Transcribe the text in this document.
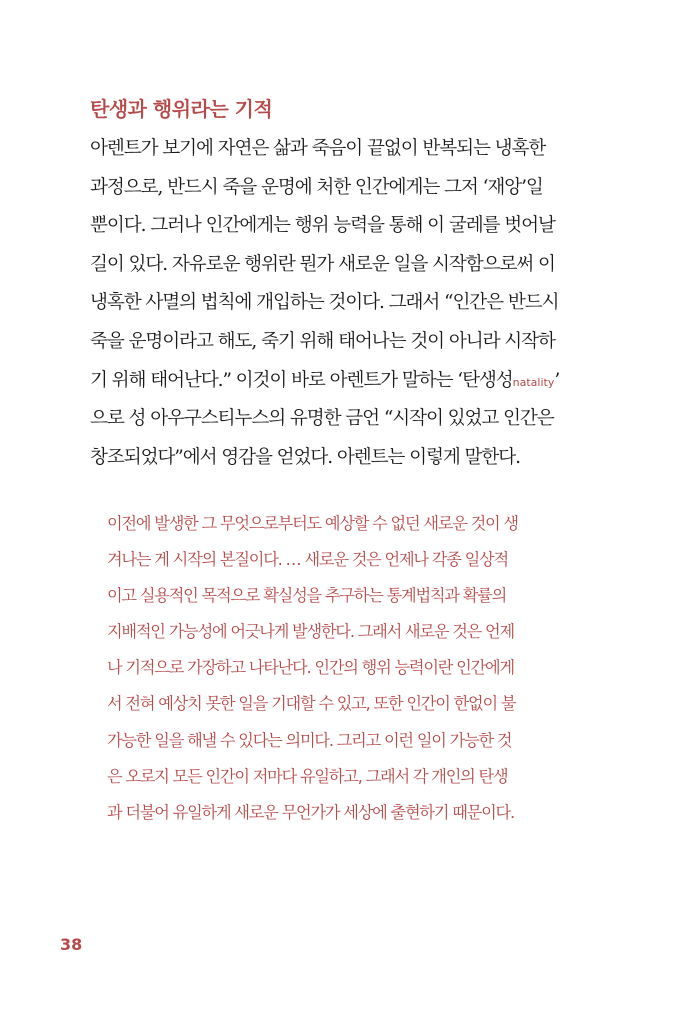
탄생과 행위라는 기적
아렌트가 보기에 자연은 삶과 죽음이 끝없이 반복되는 냉혹한
과정으로, 반드시 죽을 운명에 처한 인간에게는 그저 ‘재앙’일
뿐이다. 그러나 인간에게는 행위 능력을 통해 이 굴레를 벗어날
길이 있다. 자유로운 행위란 뭔가 새로운 일을 시작함으로써 이
냉혹한 사멸의 법칙에 개입하는 것이다. 그래서 “인간은 반드시
죽을 운명이라고 해도, 죽기 위해 태어나는 것이 아니라 시작하
기 위해 태어난다.” 이것이 바로 아렌트가 말하는 ‘탄생성natality’
으로 성 아우구스티누스의 유명한 금언 “시작이 있었고 인간은
창조되었다”에서 영감을 얻었다. 아렌트는 이렇게 말한다.
이전에 발생한 그 무엇으로부터도 예상할 수 없던 새로운 것이 생
겨나는 게 시작의 본질이다. … 새로운 것은 언제나 각종 일상적
이고 실용적인 목적으로 확실성을 추구하는 통계법칙과 확률의
지배적인 가능성에 어긋나게 발생한다. 그래서 새로운 것은 언제
나 기적으로 가장하고 나타난다. 인간의 행위 능력이란 인간에게
서 전혀 예상치 못한 일을 기대할 수 있고, 또한 인간이 한없이 불
가능한 일을 해낼 수 있다는 의미다. 그리고 이런 일이 가능한 것
은 오로지 모든 인간이 저마다 유일하고, 그래서 각 개인의 탄생
과 더불어 유일하게 새로운 무언가가 세상에 출현하기 때문이다.
38
